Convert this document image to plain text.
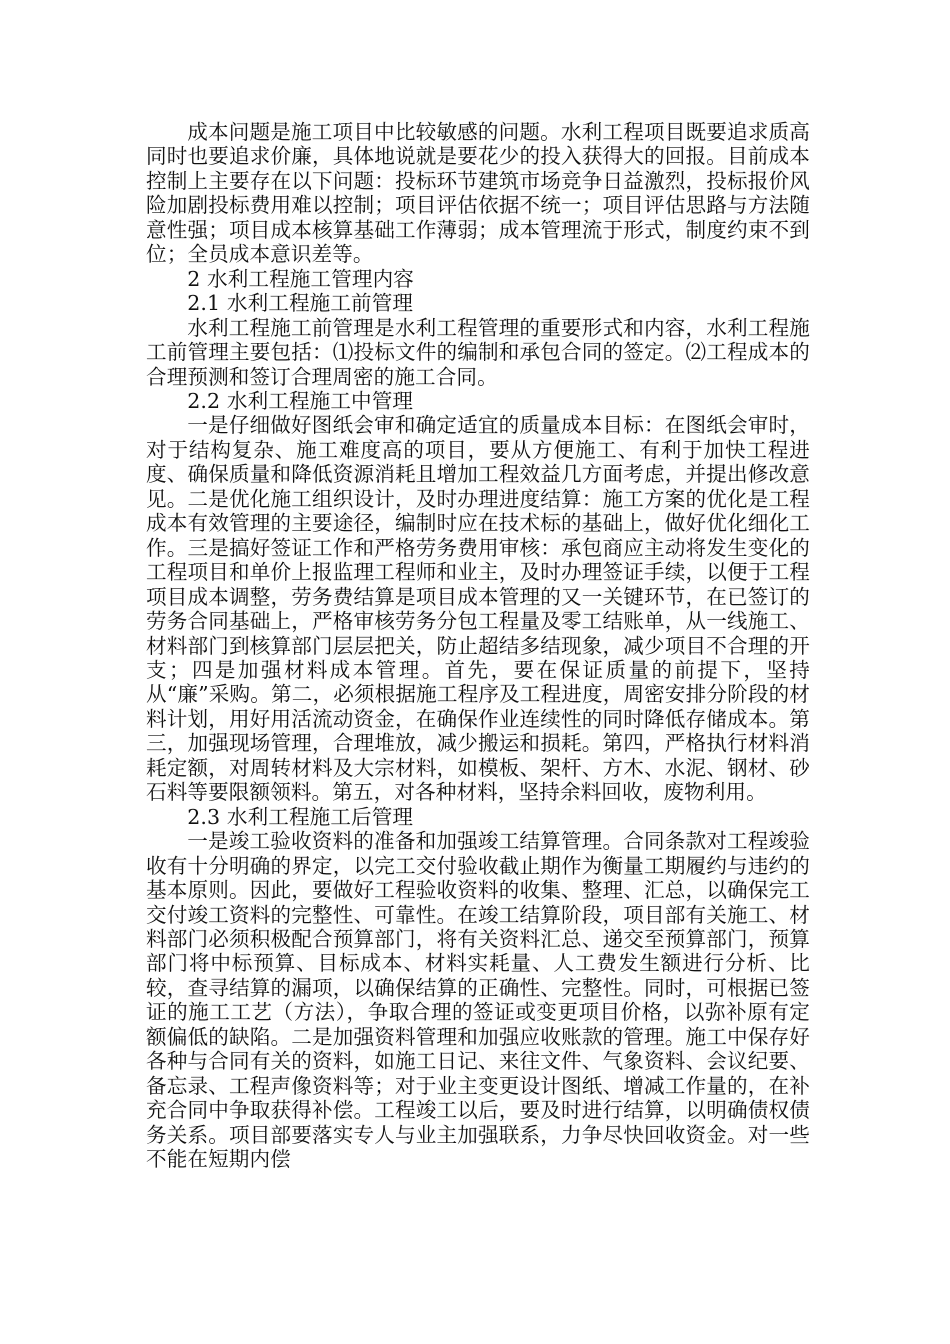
成本问题是施工项目中比较敏感的问题。水利工程项目既要追求质高同时也要追求价廉，具体地说就是要花少的投入获得大的回报。目前成本控制上主要存在以下问题：投标环节建筑市场竞争日益激烈，投标报价风险加剧投标费用难以控制；项目评估依据不统一；项目评估思路与方法随意性强；项目成本核算基础工作薄弱；成本管理流于形式，制度约束不到位；全员成本意识差等。

2 水利工程施工管理内容
2.1 水利工程施工前管理

水利工程施工前管理是水利工程管理的重要形式和内容，水利工程施工前管理主要包括：⑴投标文件的编制和承包合同的签定。⑵工程成本的合理预测和签订合理周密的施工合同。

2.2 水利工程施工中管理

一是仔细做好图纸会审和确定适宜的质量成本目标：在图纸会审时，对于结构复杂、施工难度高的项目，要从方便施工、有利于加快工程进度、确保质量和降低资源消耗且增加工程效益几方面考虑，并提出修改意见。二是优化施工组织设计，及时办理进度结算：施工方案的优化是工程成本有效管理的主要途径，编制时应在技术标的基础上，做好优化细化工作。三是搞好签证工作和严格劳务费用审核：承包商应主动将发生变化的工程项目和单价上报监理工程师和业主，及时办理签证手续，以便于工程项目成本调整，劳务费结算是项目成本管理的又一关键环节，在已签订的劳务合同基础上，严格审核劳务分包工程量及零工结账单，从一线施工、材料部门到核算部门层层把关，防止超结多结现象，减少项目不合理的开支；四是加强材料成本管理。首先，要在保证质量的前提下，坚持从“廉”采购。第二，必须根据施工程序及工程进度，周密安排分阶段的材料计划，用好用活流动资金，在确保作业连续性的同时降低存储成本。第三，加强现场管理，合理堆放，减少搬运和损耗。第四，严格执行材料消耗定额，对周转材料及大宗材料，如模板、架杆、方木、水泥、钢材、砂石料等要限额领料。第五，对各种材料，坚持余料回收，废物利用。

2.3 水利工程施工后管理

一是竣工验收资料的准备和加强竣工结算管理。合同条款对工程竣验收有十分明确的界定，以完工交付验收截止期作为衡量工期履约与违约的基本原则。因此，要做好工程验收资料的收集、整理、汇总，以确保完工交付竣工资料的完整性、可靠性。在竣工结算阶段，项目部有关施工、材料部门必须积极配合预算部门，将有关资料汇总、递交至预算部门，预算部门将中标预算、目标成本、材料实耗量、人工费发生额进行分析、比较，查寻结算的漏项，以确保结算的正确性、完整性。同时，可根据已签证的施工工艺（方法），争取合理的签证或变更项目价格，以弥补原有定额偏低的缺陷。二是加强资料管理和加强应收账款的管理。施工中保存好各种与合同有关的资料，如施工日记、来往文件、气象资料、会议纪要、备忘录、工程声像资料等；对于业主变更设计图纸、增减工作量的，在补充合同中争取获得补偿。工程竣工以后，要及时进行结算，以明确债权债务关系。项目部要落实专人与业主加强联系，力争尽快回收资金。对一些不能在短期内偿
